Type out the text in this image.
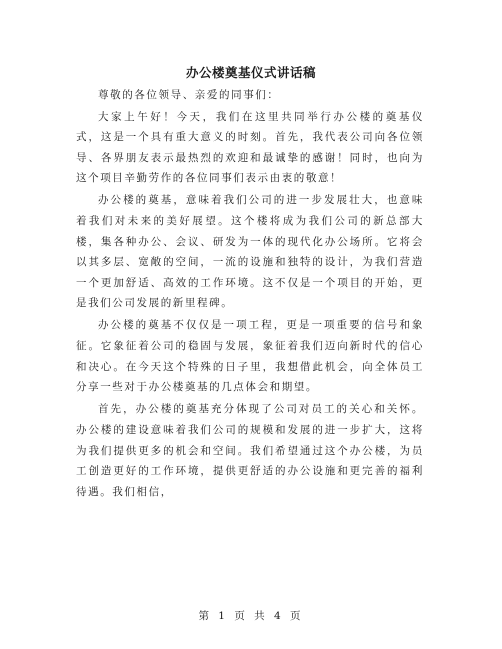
办公楼奠基仪式讲话稿

尊敬的各位领导、亲爱的同事们：

大家上午好！今天，我们在这里共同举行办公楼的奠基仪式，这是一个具有重大意义的时刻。首先，我代表公司向各位领导、各界朋友表示最热烈的欢迎和最诚挚的感谢！同时，也向为这个项目辛勤劳作的各位同事们表示由衷的敬意！

办公楼的奠基，意味着我们公司的进一步发展壮大，也意味着我们对未来的美好展望。这个楼将成为我们公司的新总部大楼，集各种办公、会议、研发为一体的现代化办公场所。它将会以其多层、宽敞的空间，一流的设施和独特的设计，为我们营造一个更加舒适、高效的工作环境。这不仅是一个项目的开始，更是我们公司发展的新里程碑。

办公楼的奠基不仅仅是一项工程，更是一项重要的信号和象征。它象征着公司的稳固与发展，象征着我们迈向新时代的信心和决心。在今天这个特殊的日子里，我想借此机会，向全体员工分享一些对于办公楼奠基的几点体会和期望。

首先，办公楼的奠基充分体现了公司对员工的关心和关怀。办公楼的建设意味着我们公司的规模和发展的进一步扩大，这将为我们提供更多的机会和空间。我们希望通过这个办公楼，为员工创造更好的工作环境，提供更舒适的办公设施和更完善的福利待遇。我们相信，

第 1 页 共 4 页
